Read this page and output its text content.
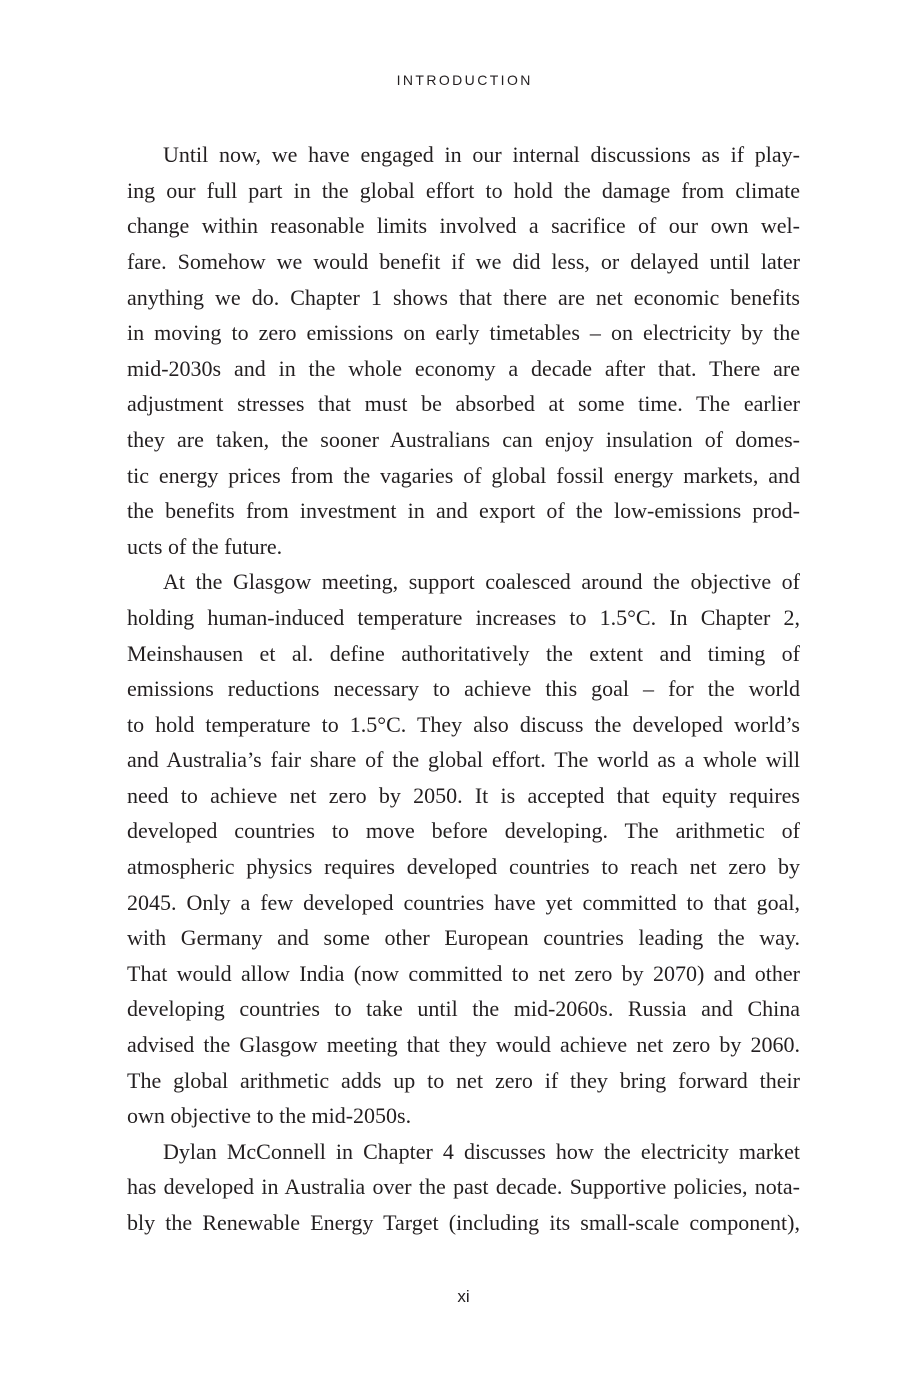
INTRODUCTION
Until now, we have engaged in our internal discussions as if play-
ing our full part in the global effort to hold the damage from climate
change within reasonable limits involved a sacrifice of our own wel-
fare. Somehow we would benefit if we did less, or delayed until later
anything we do. Chapter 1 shows that there are net economic benefits
in moving to zero emissions on early timetables – on electricity by the
mid-2030s and in the whole economy a decade after that. There are
adjustment stresses that must be absorbed at some time. The earlier
they are taken, the sooner Australians can enjoy insulation of domes-
tic energy prices from the vagaries of global fossil energy markets, and
the benefits from investment in and export of the low-emissions prod-
ucts of the future.
At the Glasgow meeting, support coalesced around the objective of
holding human-induced temperature increases to 1.5°C. In Chapter 2,
Meinshausen et al. define authoritatively the extent and timing of
emissions reductions necessary to achieve this goal – for the world
to hold temperature to 1.5°C. They also discuss the developed world’s
and Australia’s fair share of the global effort. The world as a whole will
need to achieve net zero by 2050. It is accepted that equity requires
developed countries to move before developing. The arithmetic of
atmospheric physics requires developed countries to reach net zero by
2045. Only a few developed countries have yet committed to that goal,
with Germany and some other European countries leading the way.
That would allow India (now committed to net zero by 2070) and other
developing countries to take until the mid-2060s. Russia and China
advised the Glasgow meeting that they would achieve net zero by 2060.
The global arithmetic adds up to net zero if they bring forward their
own objective to the mid-2050s.
Dylan McConnell in Chapter 4 discusses how the electricity market
has developed in Australia over the past decade. Supportive policies, nota-
bly the Renewable Energy Target (including its small-scale component),
xi
